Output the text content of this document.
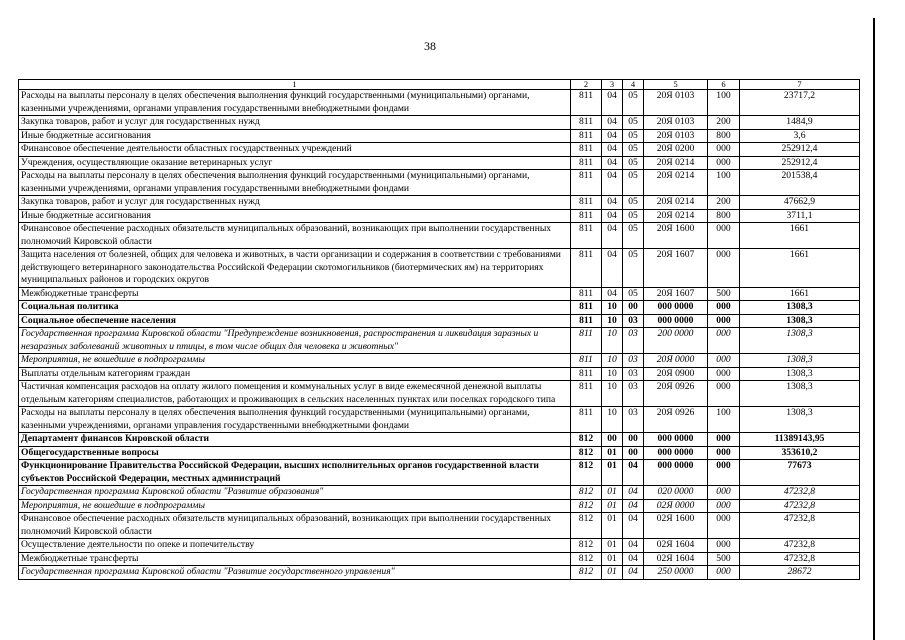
38
1	2	3	4	5	6	7
Расходы на выплаты персоналу в целях обеспечения выполнения функций государственными (муниципальными) органами, казенными учреждениями, органами управления государственными внебюджетными фондами	811	04	05	20Я 0103	100	23717,2
Закупка товаров, работ и услуг для государственных нужд	811	04	05	20Я 0103	200	1484,9
Иные бюджетные ассигнования	811	04	05	20Я 0103	800	3,6
Финансовое обеспечение деятельности областных государственных учреждений	811	04	05	20Я 0200	000	252912,4
Учреждения, осуществляющие оказание ветеринарных услуг	811	04	05	20Я 0214	000	252912,4
Расходы на выплаты персоналу в целях обеспечения выполнения функций государственными (муниципальными) органами, казенными учреждениями, органами управления государственными внебюджетными фондами	811	04	05	20Я 0214	100	201538,4
Закупка товаров, работ и услуг для государственных нужд	811	04	05	20Я 0214	200	47662,9
Иные бюджетные ассигнования	811	04	05	20Я 0214	800	3711,1
Финансовое обеспечение расходных обязательств муниципальных образований, возникающих при выполнении государственных полномочий Кировской области	811	04	05	20Я 1600	000	1661
Защита населения от болезней, общих для человека и животных, в части организации и содержания в соответствии с требованиями действующего ветеринарного законодательства Российской Федерации скотомогильников (биотермических ям) на территориях муниципальных районов и городских округов	811	04	05	20Я 1607	000	1661
Межбюджетные трансферты	811	04	05	20Я 1607	500	1661
Социальная политика	811	10	00	000 0000	000	1308,3
Социальное обеспечение населения	811	10	03	000 0000	000	1308,3
Государственная программа Кировской области "Предупреждение возникновения, распространения и ликвидация заразных и незаразных заболеваний животных и птицы, в том числе общих для человека и животных"	811	10	03	200 0000	000	1308,3
Мероприятия, не вошедшие в подпрограммы	811	10	03	20Я 0000	000	1308,3
Выплаты отдельным категориям граждан	811	10	03	20Я 0900	000	1308,3
Частичная компенсация расходов на оплату жилого помещения и коммунальных услуг в виде ежемесячной денежной выплаты отдельным категориям специалистов, работающих и проживающих в сельских населенных пунктах или поселках городского типа	811	10	03	20Я 0926	000	1308,3
Расходы на выплаты персоналу в целях обеспечения выполнения функций государственными (муниципальными) органами, казенными учреждениями, органами управления государственными внебюджетными фондами	811	10	03	20Я 0926	100	1308,3
Департамент финансов Кировской области	812	00	00	000 0000	000	11389143,95
Общегосударственные вопросы	812	01	00	000 0000	000	353610,2
Функционирование Правительства Российской Федерации, высших исполнительных органов государственной власти субъектов Российской Федерации, местных администраций	812	01	04	000 0000	000	77673
Государственная программа Кировской области "Развитие образования"	812	01	04	020 0000	000	47232,8
Мероприятия, не вошедшие в подпрограммы	812	01	04	02Я 0000	000	47232,8
Финансовое обеспечение расходных обязательств муниципальных образований, возникающих при выполнении государственных полномочий Кировской области	812	01	04	02Я 1600	000	47232,8
Осуществление деятельности по опеке и попечительству	812	01	04	02Я 1604	000	47232,8
Межбюджетные трансферты	812	01	04	02Я 1604	500	47232,8
Государственная программа Кировской области "Развитие государственного управления"	812	01	04	250 0000	000	28672
